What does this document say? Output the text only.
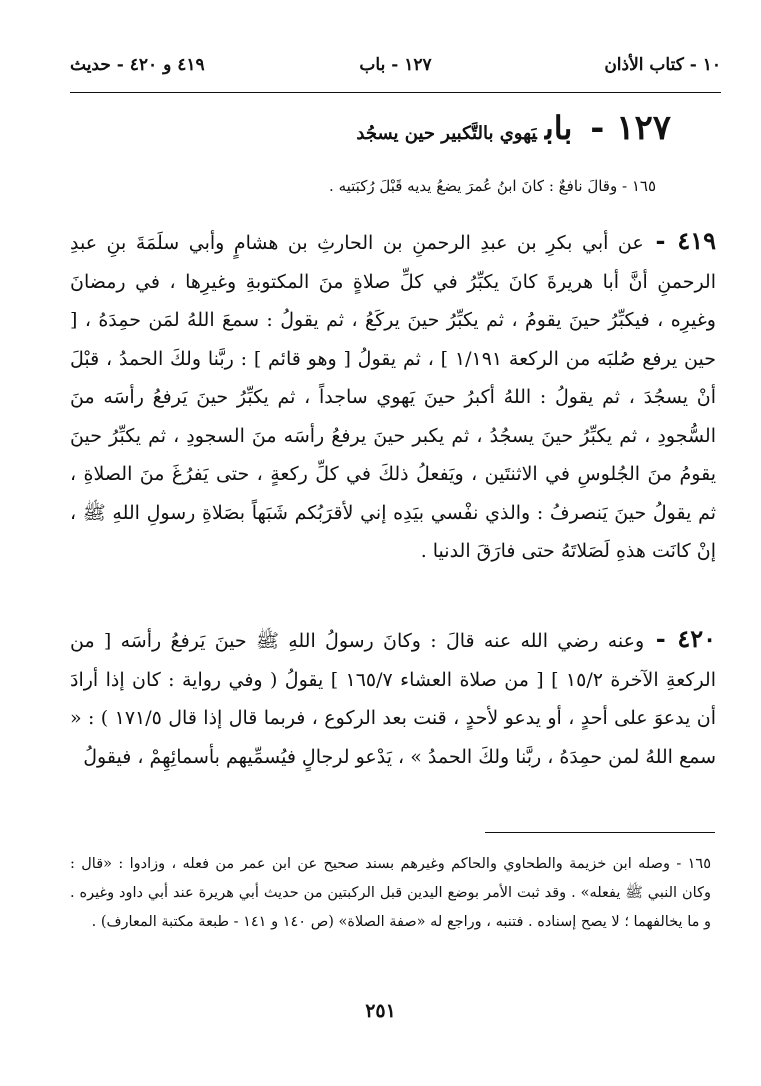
١٠ - كتاب الأذان
١٢٧ - باب
٤١٩ و ٤٢٠ - حديث
١٢٧ - بابيَهوي بالتَّكبير حين يسجُد
١٦٥ - وقالَ نافعٌ : كانَ ابنُ عُمرَ يضعُ يديه قَبْلَ رُكبَتيه .
٤١٩ - عن أبي بكرِ بن عبدِ الرحمنِ بن الحارثِ بن هشامٍ وأبي سلَمَةَ بنِ عبدِ الرحمنِ أنَّ أبا هريرةَ كانَ يكبِّرُ في كلِّ صلاةٍ منَ المكتوبةِ وغيرِها ، في رمضانَ وغيرِه ، فيكبِّرُ حينَ يقومُ ، ثم يكبِّرُ حينَ يركَعُ ، ثم يقولُ : سمعَ اللهُ لمَن حمِدَهُ ، [ حين يرفع صُلبَه من الركعة ١/١٩١ ] ، ثم يقولُ [ وهو قائم ] : ربَّنا ولكَ الحمدُ ، قبْلَ أنْ يسجُدَ ، ثم يقولُ : اللهُ أكبرُ حينَ يَهوي ساجداً ، ثم يكبِّرُ حينَ يَرفعُ رأسَه منَ السُّجودِ ، ثم يكبِّرُ حينَ يسجُدُ ، ثم يكبر حينَ يرفعُ رأسَه منَ السجودِ ، ثم يكبِّرُ حينَ يقومُ منَ الجُلوسِ في الاثنتَين ، ويَفعلُ ذلكَ في كلِّ ركعةٍ ، حتى يَفرُغَ منَ الصلاةِ ، ثم يقولُ حينَ يَنصرفُ : والذي نفْسي بيَدِه إني لأقرَبُكم شَبَهاً بصَلاةِ رسولِ اللهِ ﷺ ، إنْ كانَت هذهِ لَصَلاتَهُ حتى فارَقَ الدنيا .
٤٢٠ - وعنه رضي الله عنه قالَ : وكانَ رسولُ اللهِ ﷺ حينَ يَرفعُ رأسَه [ من الركعةِ الآخرة ١٥/٢ ] [ من صلاة العشاء ١٦٥/٧ ] يقولُ ( وفي رواية : كان إذا أرادَ أن يدعوَ على أحدٍ ، أو يدعو لأحدٍ ، قنت بعد الركوع ، فربما قال إذا قال ١٧١/٥ ) : « سمع اللهُ لمن حمِدَهُ ، ربَّنا ولكَ الحمدُ » ، يَدْعو لرجالٍ فيُسمِّيهم بأسمائِهِمْ ، فيقولُ
١٦٥ - وصله ابن خزيمة والطحاوي والحاكم وغيرهم بسند صحيح عن ابن عمر من فعله ، وزادوا : «قال : وكان النبي ﷺ يفعله» . وقد ثبت الأمر بوضع اليدين قبل الركبتين من حديث أبي هريرة عند أبي داود وغيره . و ما يخالفهما ؛ لا يصح إسناده . فتنبه ، وراجع له «صفة الصلاة» (ص ١٤٠ و ١٤١ - طبعة مكتبة المعارف) .
٢٥١
